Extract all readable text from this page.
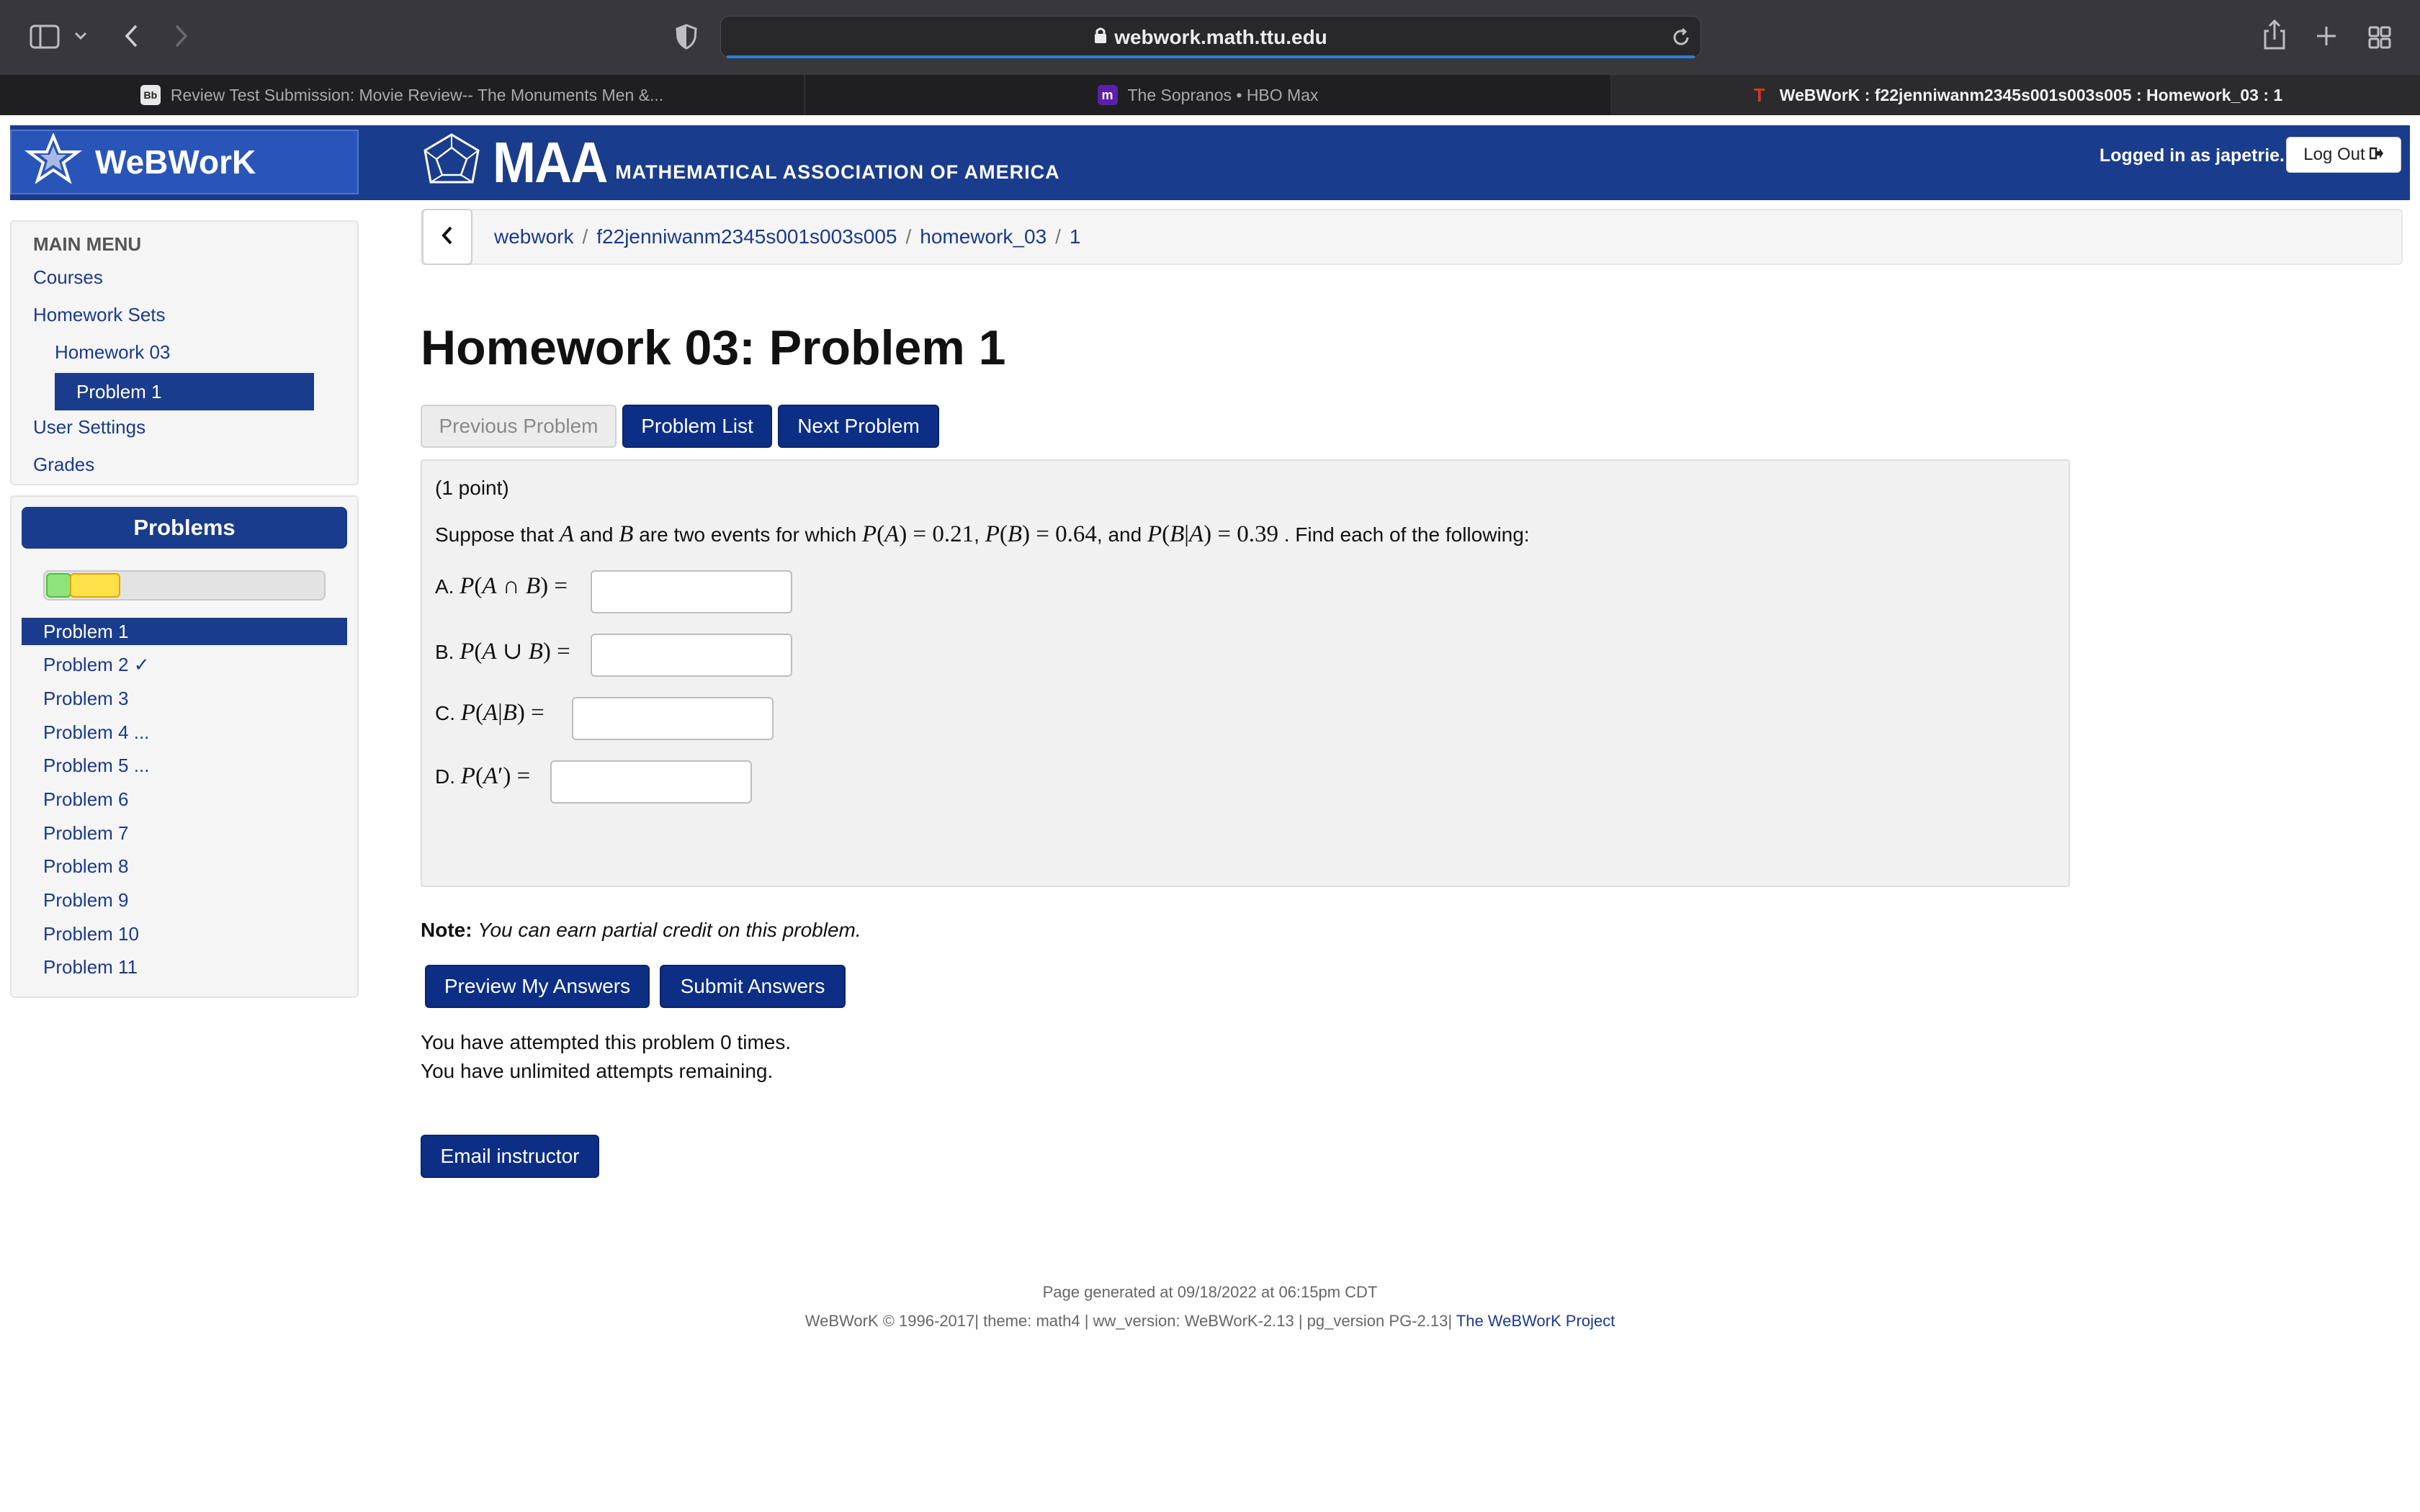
webwork.math.ttu.edu
Bb Review Test Submission: Movie Review-- The Monuments Men &...	m The Sopranos • HBO Max	T WeBWorK : f22jenniwanm2345s001s003s005 : Homework_03 : 1
WeBWorK	MAA MATHEMATICAL ASSOCIATION OF AMERICA
Logged in as japetrie. Log Out
MAIN MENU
Courses
Homework Sets
Homework 03
Problem 1
User Settings
Grades
Problems
Problem 1
Problem 2 ✓
Problem 3
Problem 4 ...
Problem 5 ...
Problem 6
Problem 7
Problem 8
Problem 9
Problem 10
Problem 11
webwork / f22jenniwanm2345s001s003s005 / homework_03 / 1
Homework 03: Problem 1
Previous Problem	Problem List	Next Problem
(1 point)
Suppose that A and B are two events for which P(A) = 0.21, P(B) = 0.64, and P(B|A) = 0.39 . Find each of the following:
A. P(A ∩ B) =
B. P(A ∪ B) =
C. P(A|B) =
D. P(A′) =
Note: You can earn partial credit on this problem.
Preview My Answers	Submit Answers
You have attempted this problem 0 times.
You have unlimited attempts remaining.
Email instructor
Page generated at 09/18/2022 at 06:15pm CDT
WeBWorK © 1996-2017| theme: math4 | ww_version: WeBWorK-2.13 | pg_version PG-2.13| The WeBWorK Project
